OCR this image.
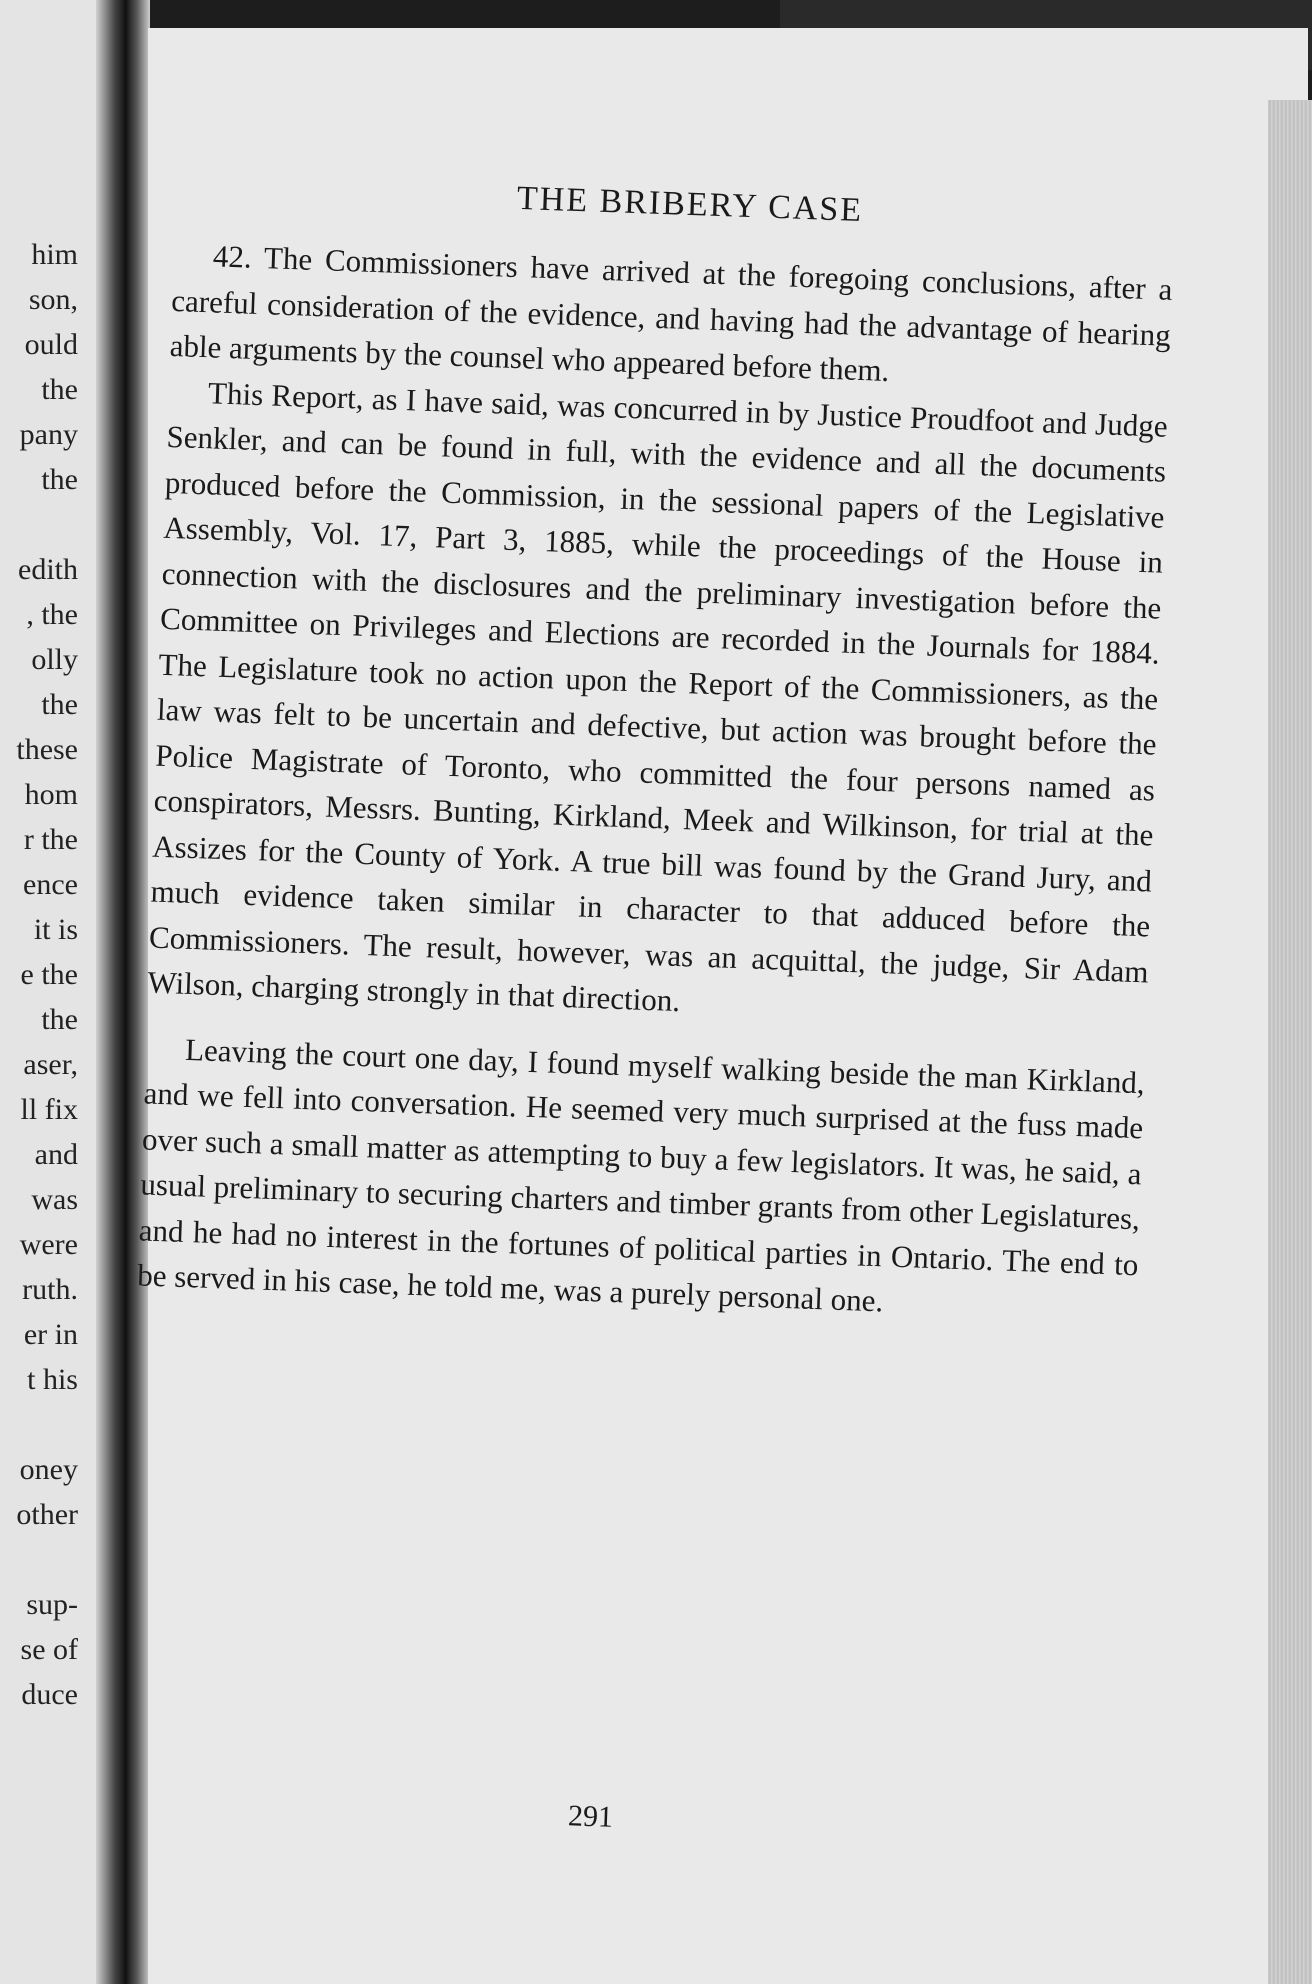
him
son,
ould
the
pany
the
edith
, the
olly
the
these
hom
r the
ence
it is
e the
the
aser,
ll fix
and
was
were
ruth.
er in
t his
oney
other
sup-
se of
duce
THE BRIBERY CASE

42. The Commissioners have arrived at the foregoing conclusions, after a careful consideration of the evidence, and having had the advantage of hearing able arguments by the counsel who appeared before them.

This Report, as I have said, was concurred in by Justice Proudfoot and Judge Senkler, and can be found in full, with the evidence and all the documents produced before the Commission, in the sessional papers of the Legislative Assembly, Vol. 17, Part 3, 1885, while the proceedings of the House in connection with the disclosures and the preliminary investigation before the Committee on Privileges and Elections are recorded in the Journals for 1884. The Legislature took no action upon the Report of the Commissioners, as the law was felt to be uncertain and defective, but action was brought before the Police Magistrate of Toronto, who committed the four persons named as conspirators, Messrs. Bunting, Kirkland, Meek and Wilkinson, for trial at the Assizes for the County of York. A true bill was found by the Grand Jury, and much evidence taken similar in character to that adduced before the Commissioners. The result, however, was an acquittal, the judge, Sir Adam Wilson, charging strongly in that direction.

Leaving the court one day, I found myself walking beside the man Kirkland, and we fell into conversation. He seemed very much surprised at the fuss made over such a small matter as attempting to buy a few legislators. It was, he said, a usual preliminary to securing charters and timber grants from other Legislatures, and he had no interest in the fortunes of political parties in Ontario. The end to be served in his case, he told me, was a purely personal one.

291
